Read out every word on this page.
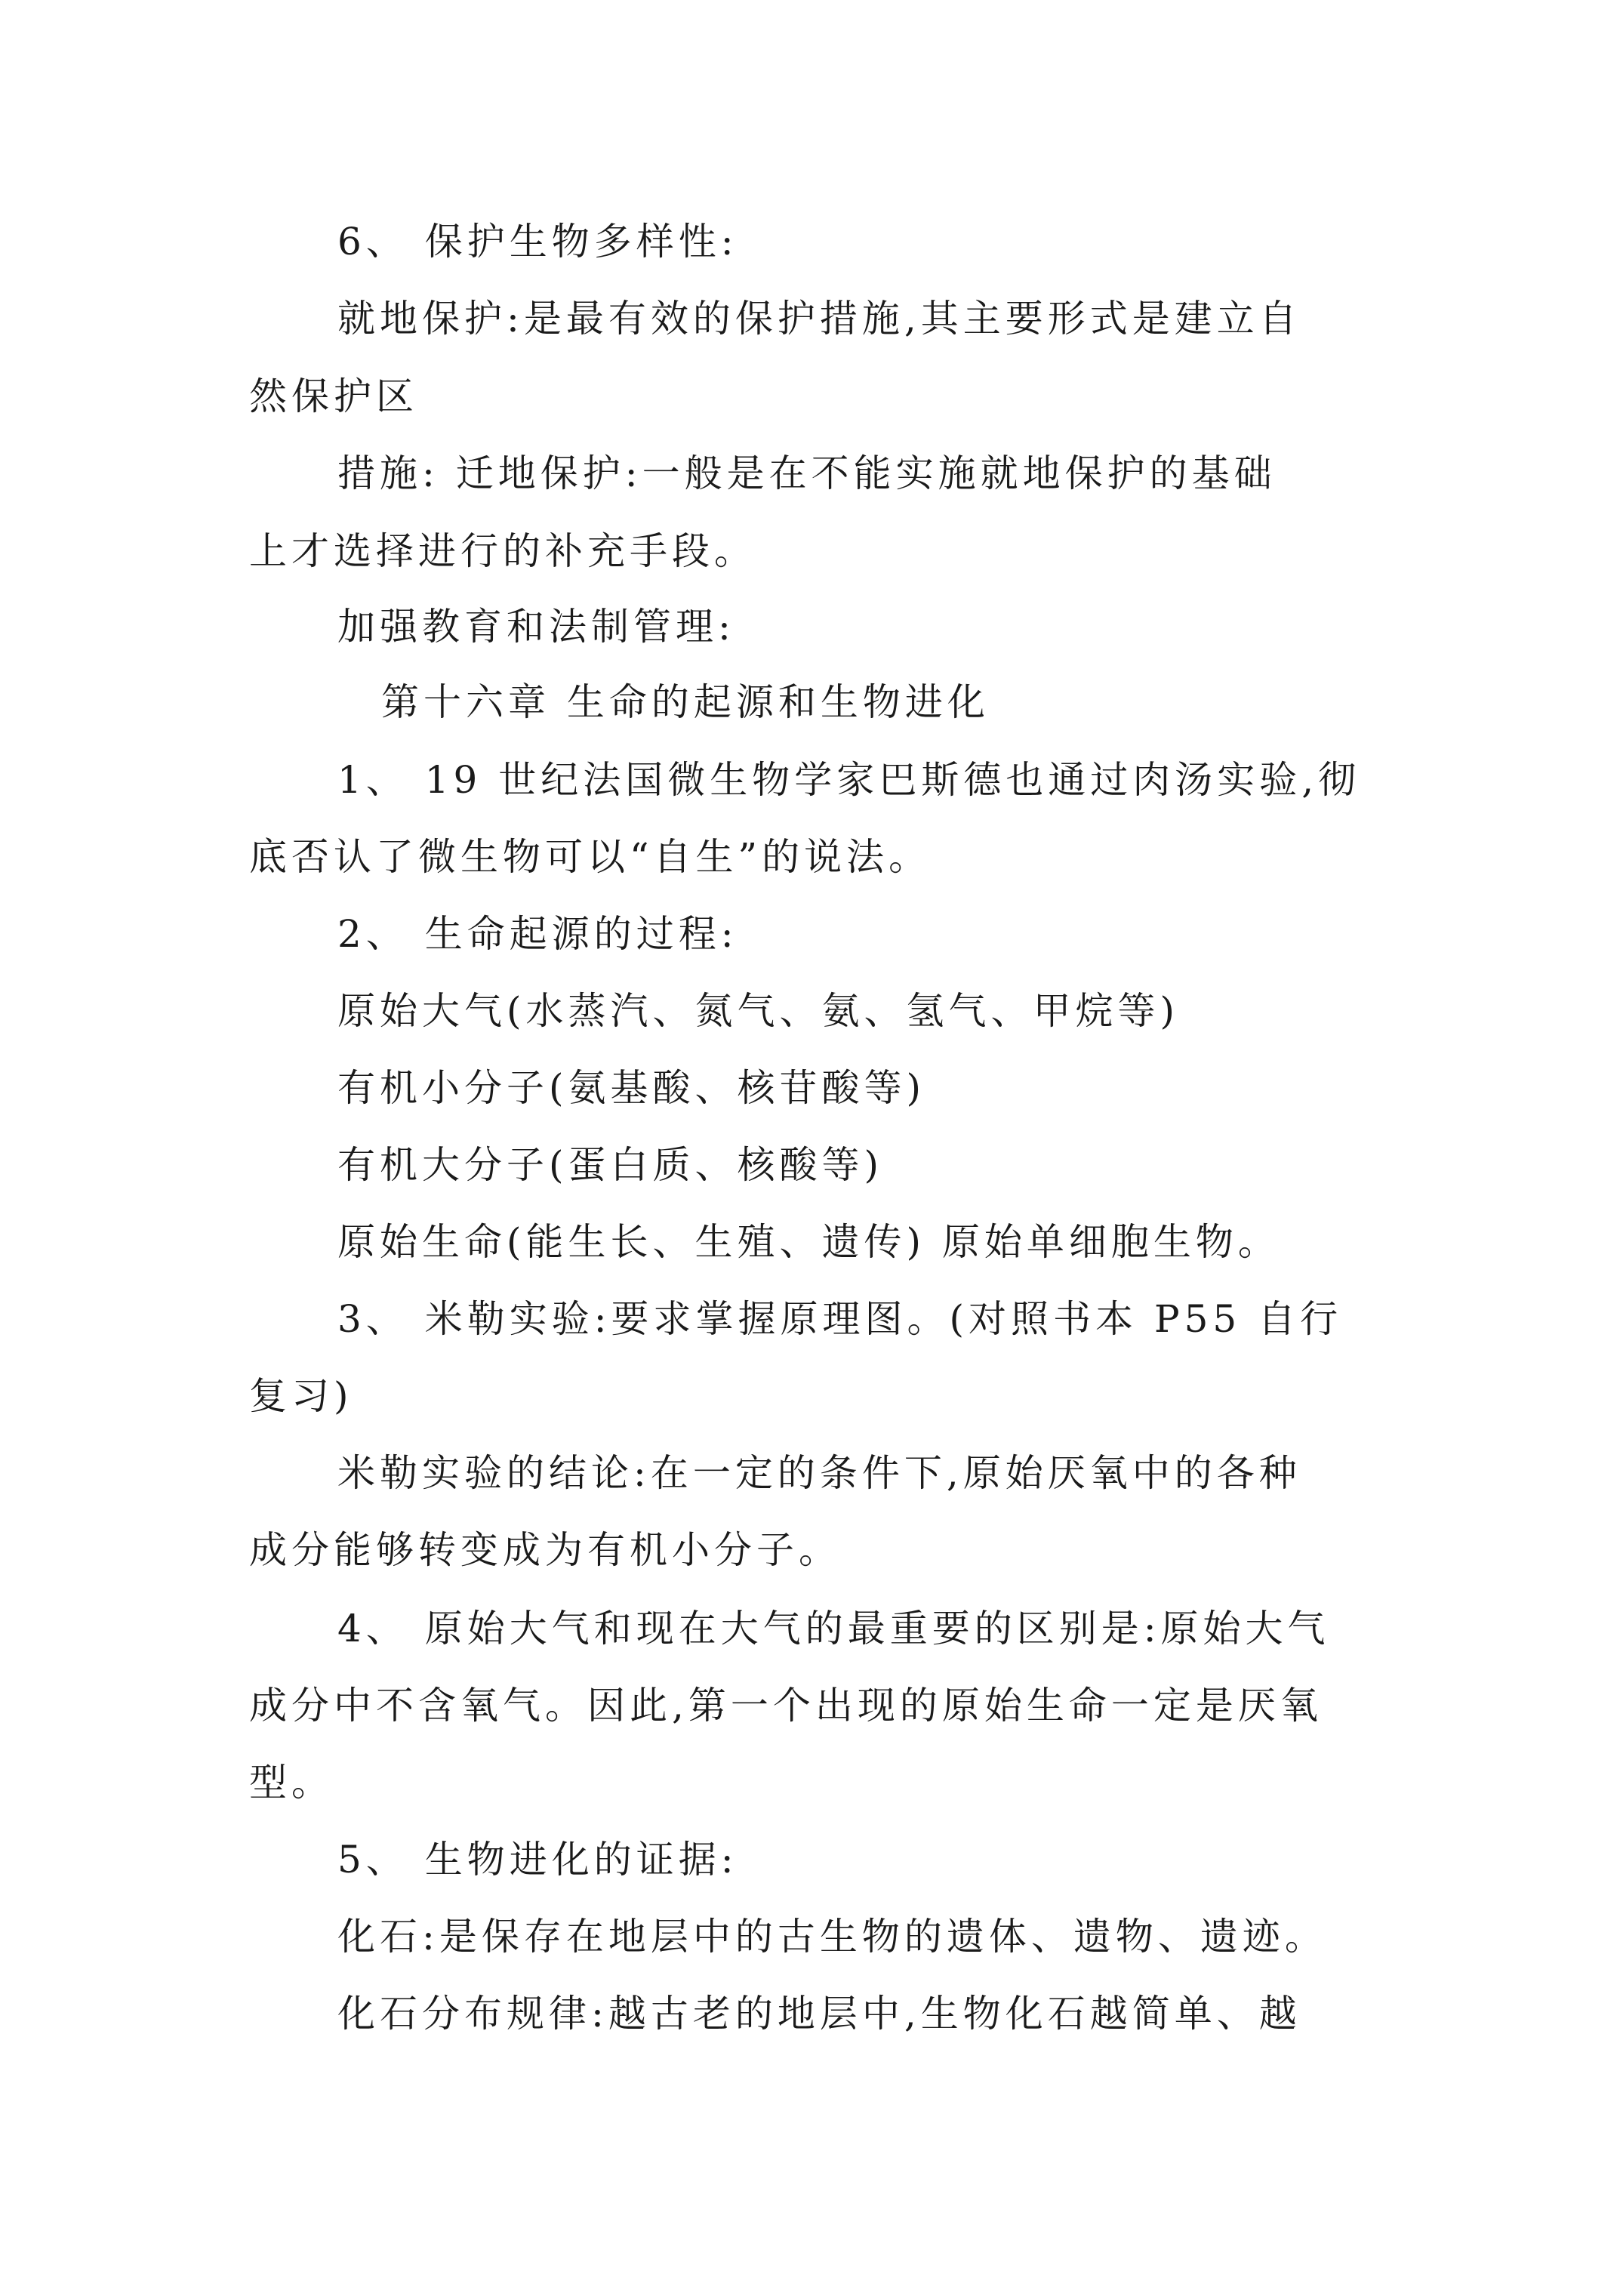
6、 保护生物多样性:

就地保护:是最有效的保护措施,其主要形式是建立自

然保护区

措施: 迁地保护:一般是在不能实施就地保护的基础

上才选择进行的补充手段。

加强教育和法制管理:

第十六章 生命的起源和生物进化

1、 19 世纪法国微生物学家巴斯德也通过肉汤实验,彻

底否认了微生物可以“自生”的说法。

2、 生命起源的过程:

原始大气(水蒸汽、氮气、氨、氢气、甲烷等)

有机小分子(氨基酸、核苷酸等)

有机大分子(蛋白质、核酸等)

原始生命(能生长、生殖、遗传) 原始单细胞生物。

3、 米勒实验:要求掌握原理图。(对照书本 P55 自行

复习)

米勒实验的结论:在一定的条件下,原始厌氧中的各种

成分能够转变成为有机小分子。

4、 原始大气和现在大气的最重要的区别是:原始大气

成分中不含氧气。因此,第一个出现的原始生命一定是厌氧

型。

5、 生物进化的证据:

化石:是保存在地层中的古生物的遗体、遗物、遗迹。

化石分布规律:越古老的地层中,生物化石越简单、越
